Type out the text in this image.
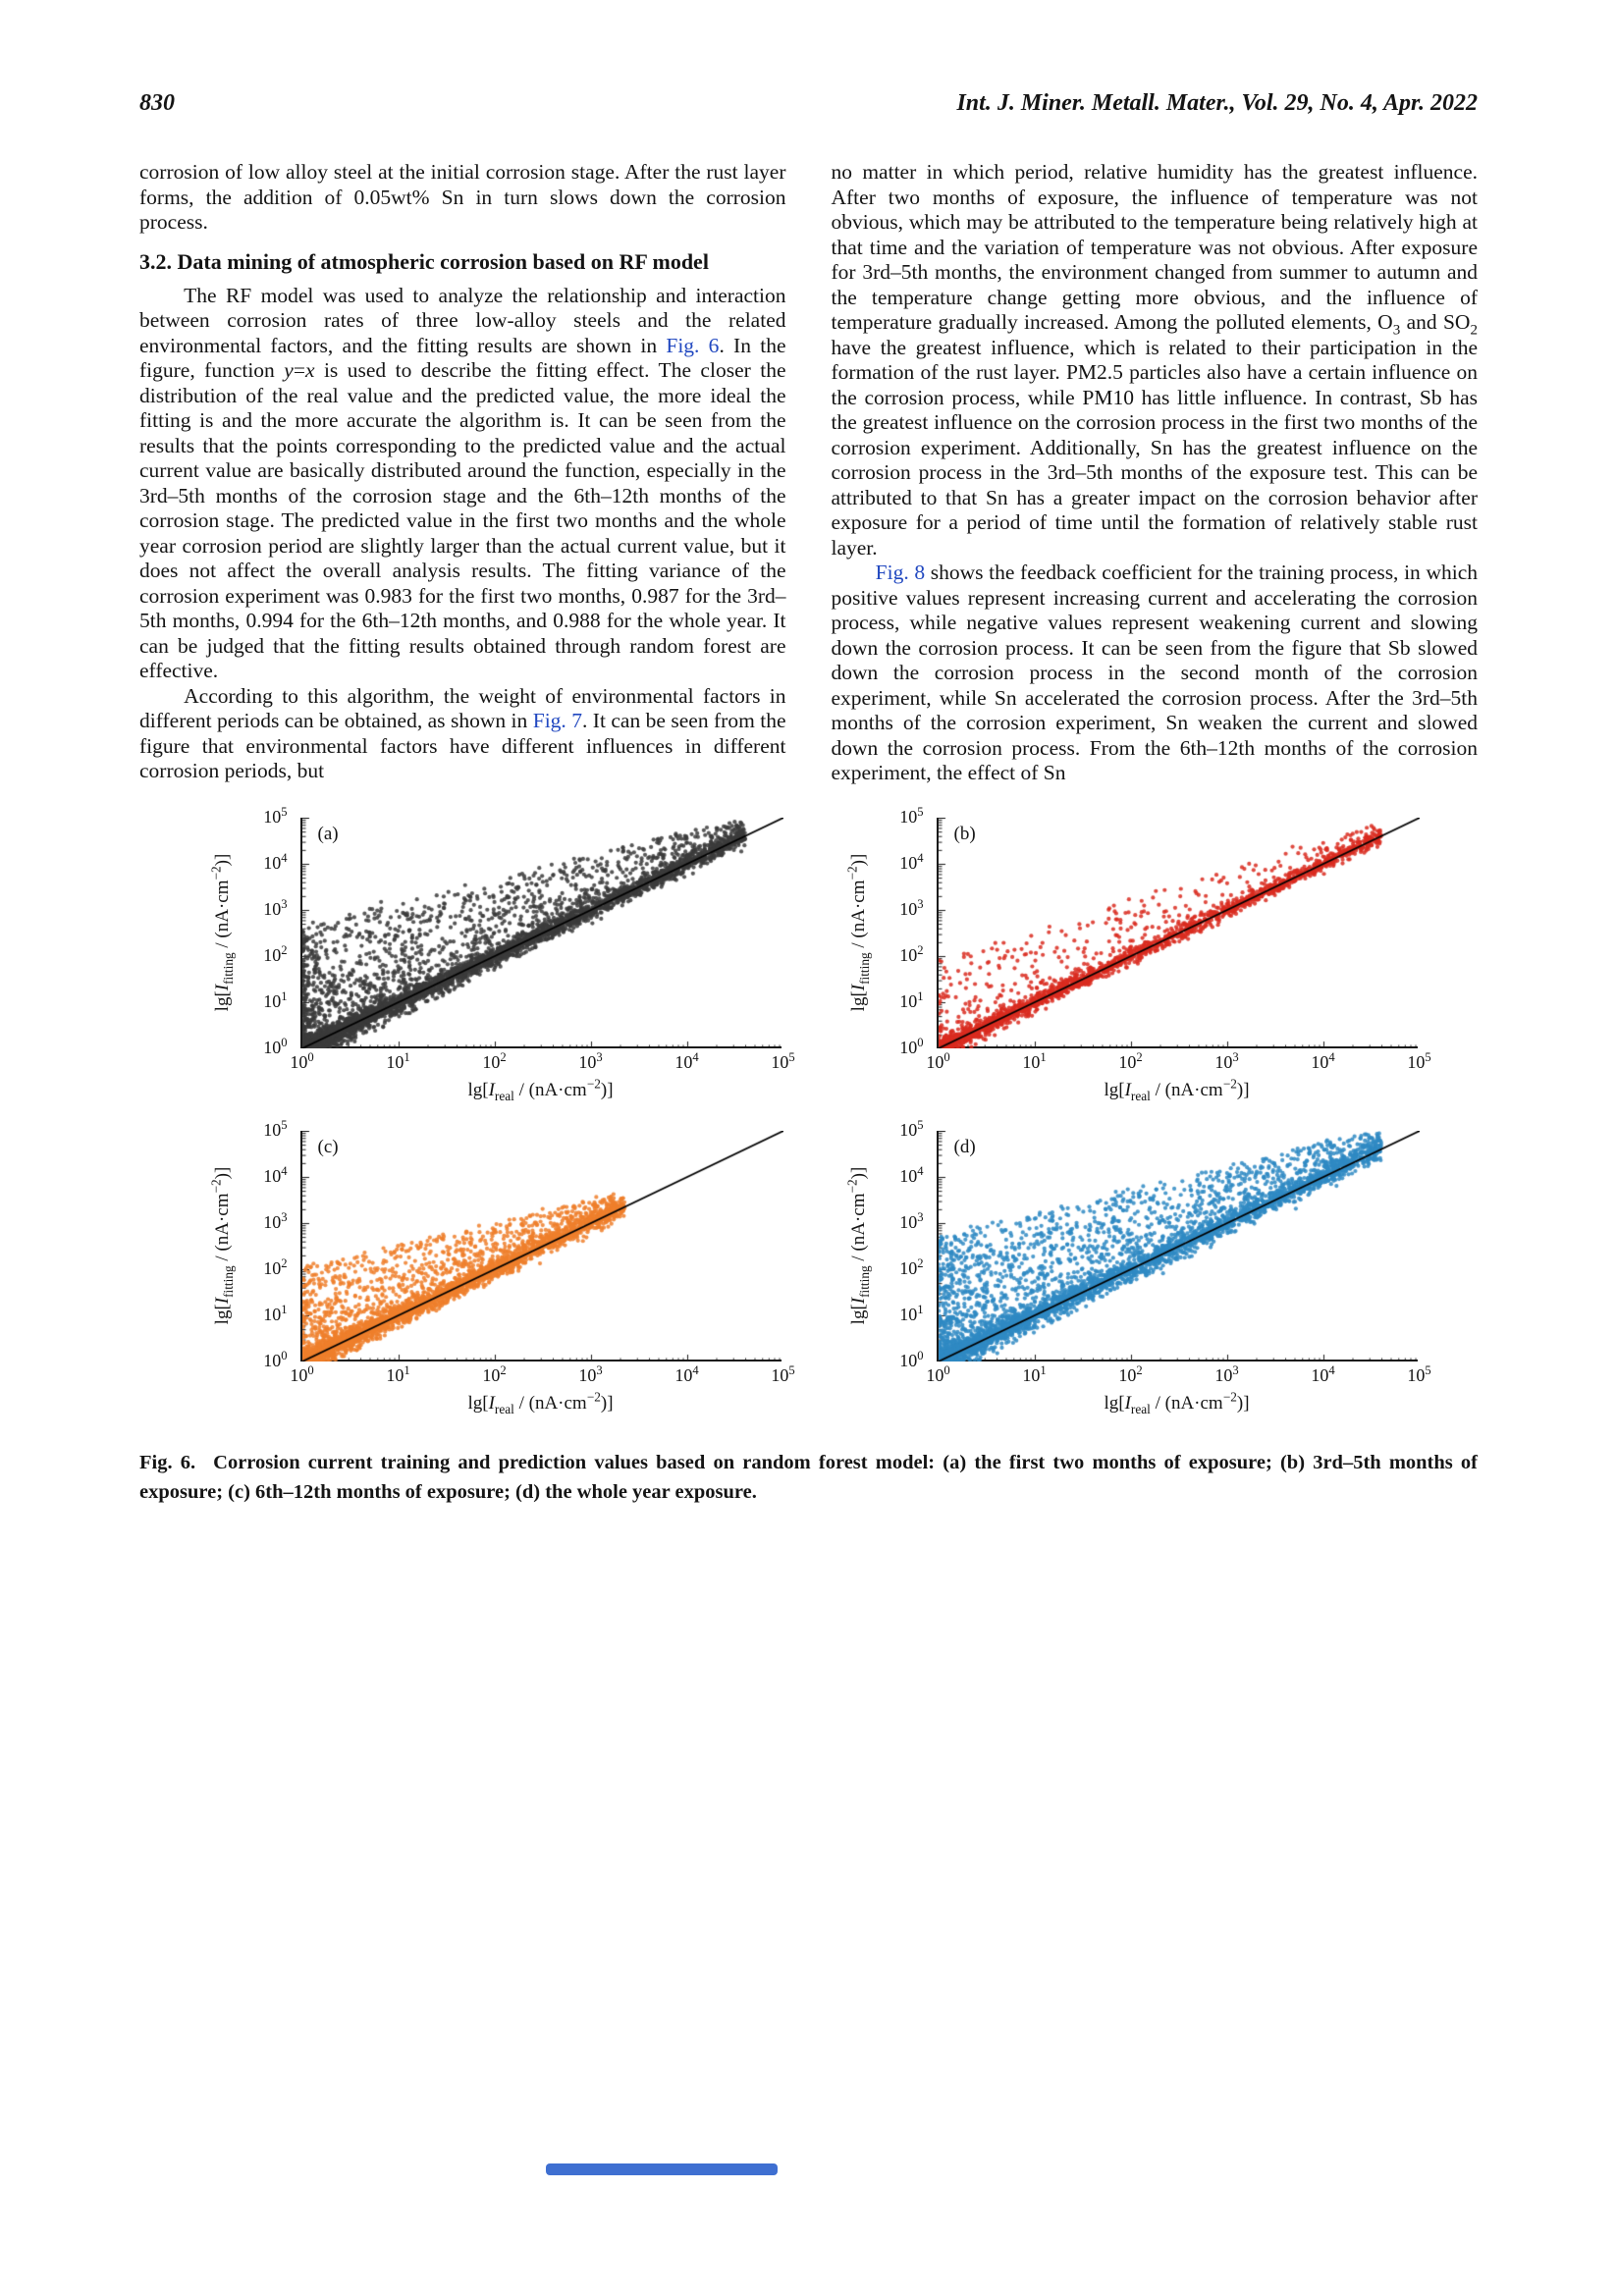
830	Int. J. Miner. Metall. Mater., Vol. 29, No. 4, Apr. 2022

corrosion of low alloy steel at the initial corrosion stage. After the rust layer forms, the addition of 0.05wt% Sn in turn slows down the corrosion process.

3.2. Data mining of atmospheric corrosion based on RF model

The RF model was used to analyze the relationship and interaction between corrosion rates of three low-alloy steels and the related environmental factors, and the fitting results are shown in Fig. 6. In the figure, function y=x is used to describe the fitting effect. The closer the distribution of the real value and the predicted value, the more ideal the fitting is and the more accurate the algorithm is. It can be seen from the results that the points corresponding to the predicted value and the actual current value are basically distributed around the function, especially in the 3rd–5th months of the corrosion stage and the 6th–12th months of the corrosion stage. The predicted value in the first two months and the whole year corrosion period are slightly larger than the actual current value, but it does not affect the overall analysis results. The fitting variance of the corrosion experiment was 0.983 for the first two months, 0.987 for the 3rd–5th months, 0.994 for the 6th–12th months, and 0.988 for the whole year. It can be judged that the fitting results obtained through random forest are effective.

According to this algorithm, the weight of environmental factors in different periods can be obtained, as shown in Fig. 7. It can be seen from the figure that environmental factors have different influences in different corrosion periods, but

no matter in which period, relative humidity has the greatest influence. After two months of exposure, the influence of temperature was not obvious, which may be attributed to the temperature being relatively high at that time and the variation of temperature was not obvious. After exposure for 3rd–5th months, the environment changed from summer to autumn and the temperature change getting more obvious, and the influence of temperature gradually increased. Among the polluted elements, $O_3$ and $SO_2$ have the greatest influence, which is related to their participation in the formation of the rust layer. PM2.5 particles also have a certain influence on the corrosion process, while PM10 has little influence. In contrast, Sb has the greatest influence on the corrosion process in the first two months of the corrosion experiment. Additionally, Sn has the greatest influence on the corrosion process in the 3rd–5th months of the exposure test. This can be attributed to that Sn has a greater impact on the corrosion behavior after exposure for a period of time until the formation of relatively stable rust layer.

Fig. 8 shows the feedback coefficient for the training process, in which positive values represent increasing current and accelerating the corrosion process, while negative values represent weakening current and slowing down the corrosion process. It can be seen from the figure that Sb slowed down the corrosion process in the second month of the corrosion experiment, while Sn accelerated the corrosion process. After the 3rd–5th months of the corrosion experiment, Sn weaken the current and slowed down the corrosion process. From the 6th–12th months of the corrosion experiment, the effect of Sn

$\lg[I_{fitting} / (nA\cdot cm^{-2})]$
(a)
$10^0$
$10^1$
$10^2$
$10^3$
$10^4$
$10^5$
$10^0$	$10^1$	$10^2$	$10^3$	$10^4$	$10^5$
$\lg[I_{real} / (nA\cdot cm^{-2})]$
$\lg[I_{fitting} / (nA\cdot cm^{-2})]$
(b)
$10^0$
$10^1$
$10^2$
$10^3$
$10^4$
$10^5$
$10^0$	$10^1$	$10^2$	$10^3$	$10^4$	$10^5$
$\lg[I_{real} / (nA\cdot cm^{-2})]$
$\lg[I_{fitting} / (nA\cdot cm^{-2})]$
(c)
$10^0$
$10^1$
$10^2$
$10^3$
$10^4$
$10^5$
$10^0$	$10^1$	$10^2$	$10^3$	$10^4$	$10^5$
$\lg[I_{real} / (nA\cdot cm^{-2})]$
$\lg[I_{fitting} / (nA\cdot cm^{-2})]$
(d)
$10^0$
$10^1$
$10^2$
$10^3$
$10^4$
$10^5$
$10^0$	$10^1$	$10^2$	$10^3$	$10^4$	$10^5$
$\lg[I_{real} / (nA\cdot cm^{-2})]$

Fig. 6. Corrosion current training and prediction values based on random forest model: (a) the first two months of exposure; (b) 3rd–5th months of exposure; (c) 6th–12th months of exposure; (d) the whole year exposure.
